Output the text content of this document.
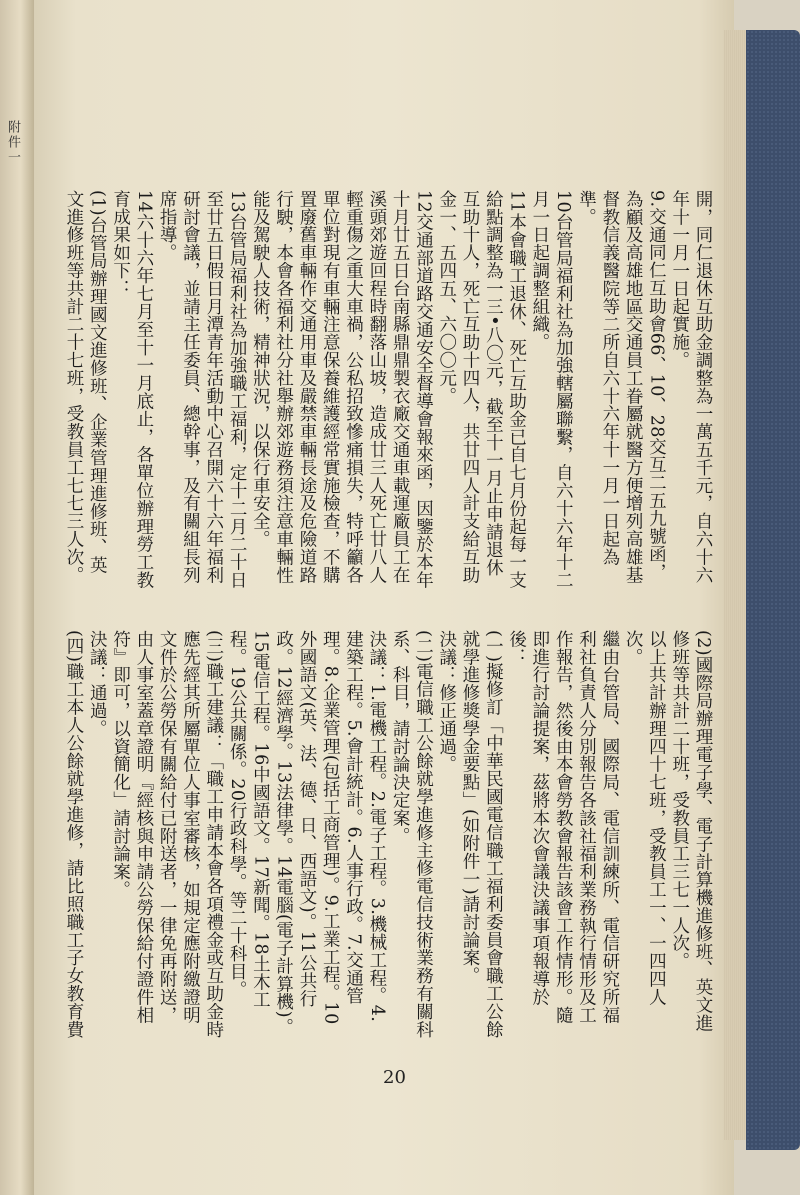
附件一
開，同仁退休互助金調整為一萬五千元，自六十六年十一月一日起實施。
9.交通同仁互助會66、10、28交互二五九號函，為顧及高雄地區交通員工眷屬就醫方便增列高雄基督教信義醫院等二所自六十六年十一月一日起為準。
10台管局福利社為加強轄屬聯繫，自六十六年十二月一日起調整組織。
11本會職工退休、死亡互助金已自七月份起每一支給點調整為一三•八〇元，截至十一月止申請退休互助十人，死亡互助十四人，共廿四人計支給互助金一、五四五、六〇〇元。
12交通部道路交通安全督導會報來函，因鑒於本年十月廿五日台南縣鼎鼎製衣廠交通車載運廠員工在溪頭郊遊回程時翻落山坡，造成廿三人死亡廿八人輕重傷之重大車禍，公私招致慘痛損失，特呼籲各單位對現有車輛注意保養維護經常實施檢查，不購置廢舊車輛作交通用車及嚴禁車輛長途及危險道路行駛，本會各福利社分社舉辦郊遊務須注意車輛性能及駕駛人技術，精神狀況，以保行車安全。
13台管局福利社為加強職工福利，定十二月二十日至廿五日假日月潭青年活動中心召開六十六年福利研討會議，並請主任委員、總幹事，及有關組長列席指導。
14六十六年七月至十一月底止，各單位辦理勞工教育成果如下：
(1)台管局辦理國文進修班、企業管理進修班、英文進修班等共計二十七班，受教員工七七三人次。
(2)國際局辦理電子學、電子計算機進修班、英文進修班等共計二十班，受教員工三七一人次。
以上共計辦理四十七班，受教員工一、一四四人次。
繼由台管局、國際局、電信訓練所、電信研究所福利社負責人分別報告各該社福利業務執行情形及工作報告，然後由本會勞教會報告該會工作情形。隨即進行討論提案，茲將本次會議決議事項報導於後：
(一)擬修訂「中華民國電信職工福利委員會職工公餘就學進修獎學金要點」(如附件一)請討論案。
決議：修正通過。
(二)電信職工公餘就學進修主修電信技術業務有關科系、科目，請討論決定案。
決議：1.電機工程。2.電子工程。3.機械工程。4.建築工程。5.會計統計。6.人事行政。7.交通管理。8.企業管理(包括工商管理)。9.工業工程。10外國語文(英、法、德、日、西語文)。11公共行政。12經濟學。13法律學。14電腦(電子計算機)。15電信工程。16中國語文。17新聞。18土木工程。19公共關係。20行政科學。等二十科目。
(三)職工建議：「職工申請本會各項禮金或互助金時應先經其所屬單位人事室審核，如規定應附繳證明文件於公勞保有關給付已附送者，一律免再附送，由人事室蓋章證明『經核與申請公勞保給付證件相符』即可，以資簡化」請討論案。
決議：通過。
(四)職工本人公餘就學進修，請比照職工子女教育費
20
